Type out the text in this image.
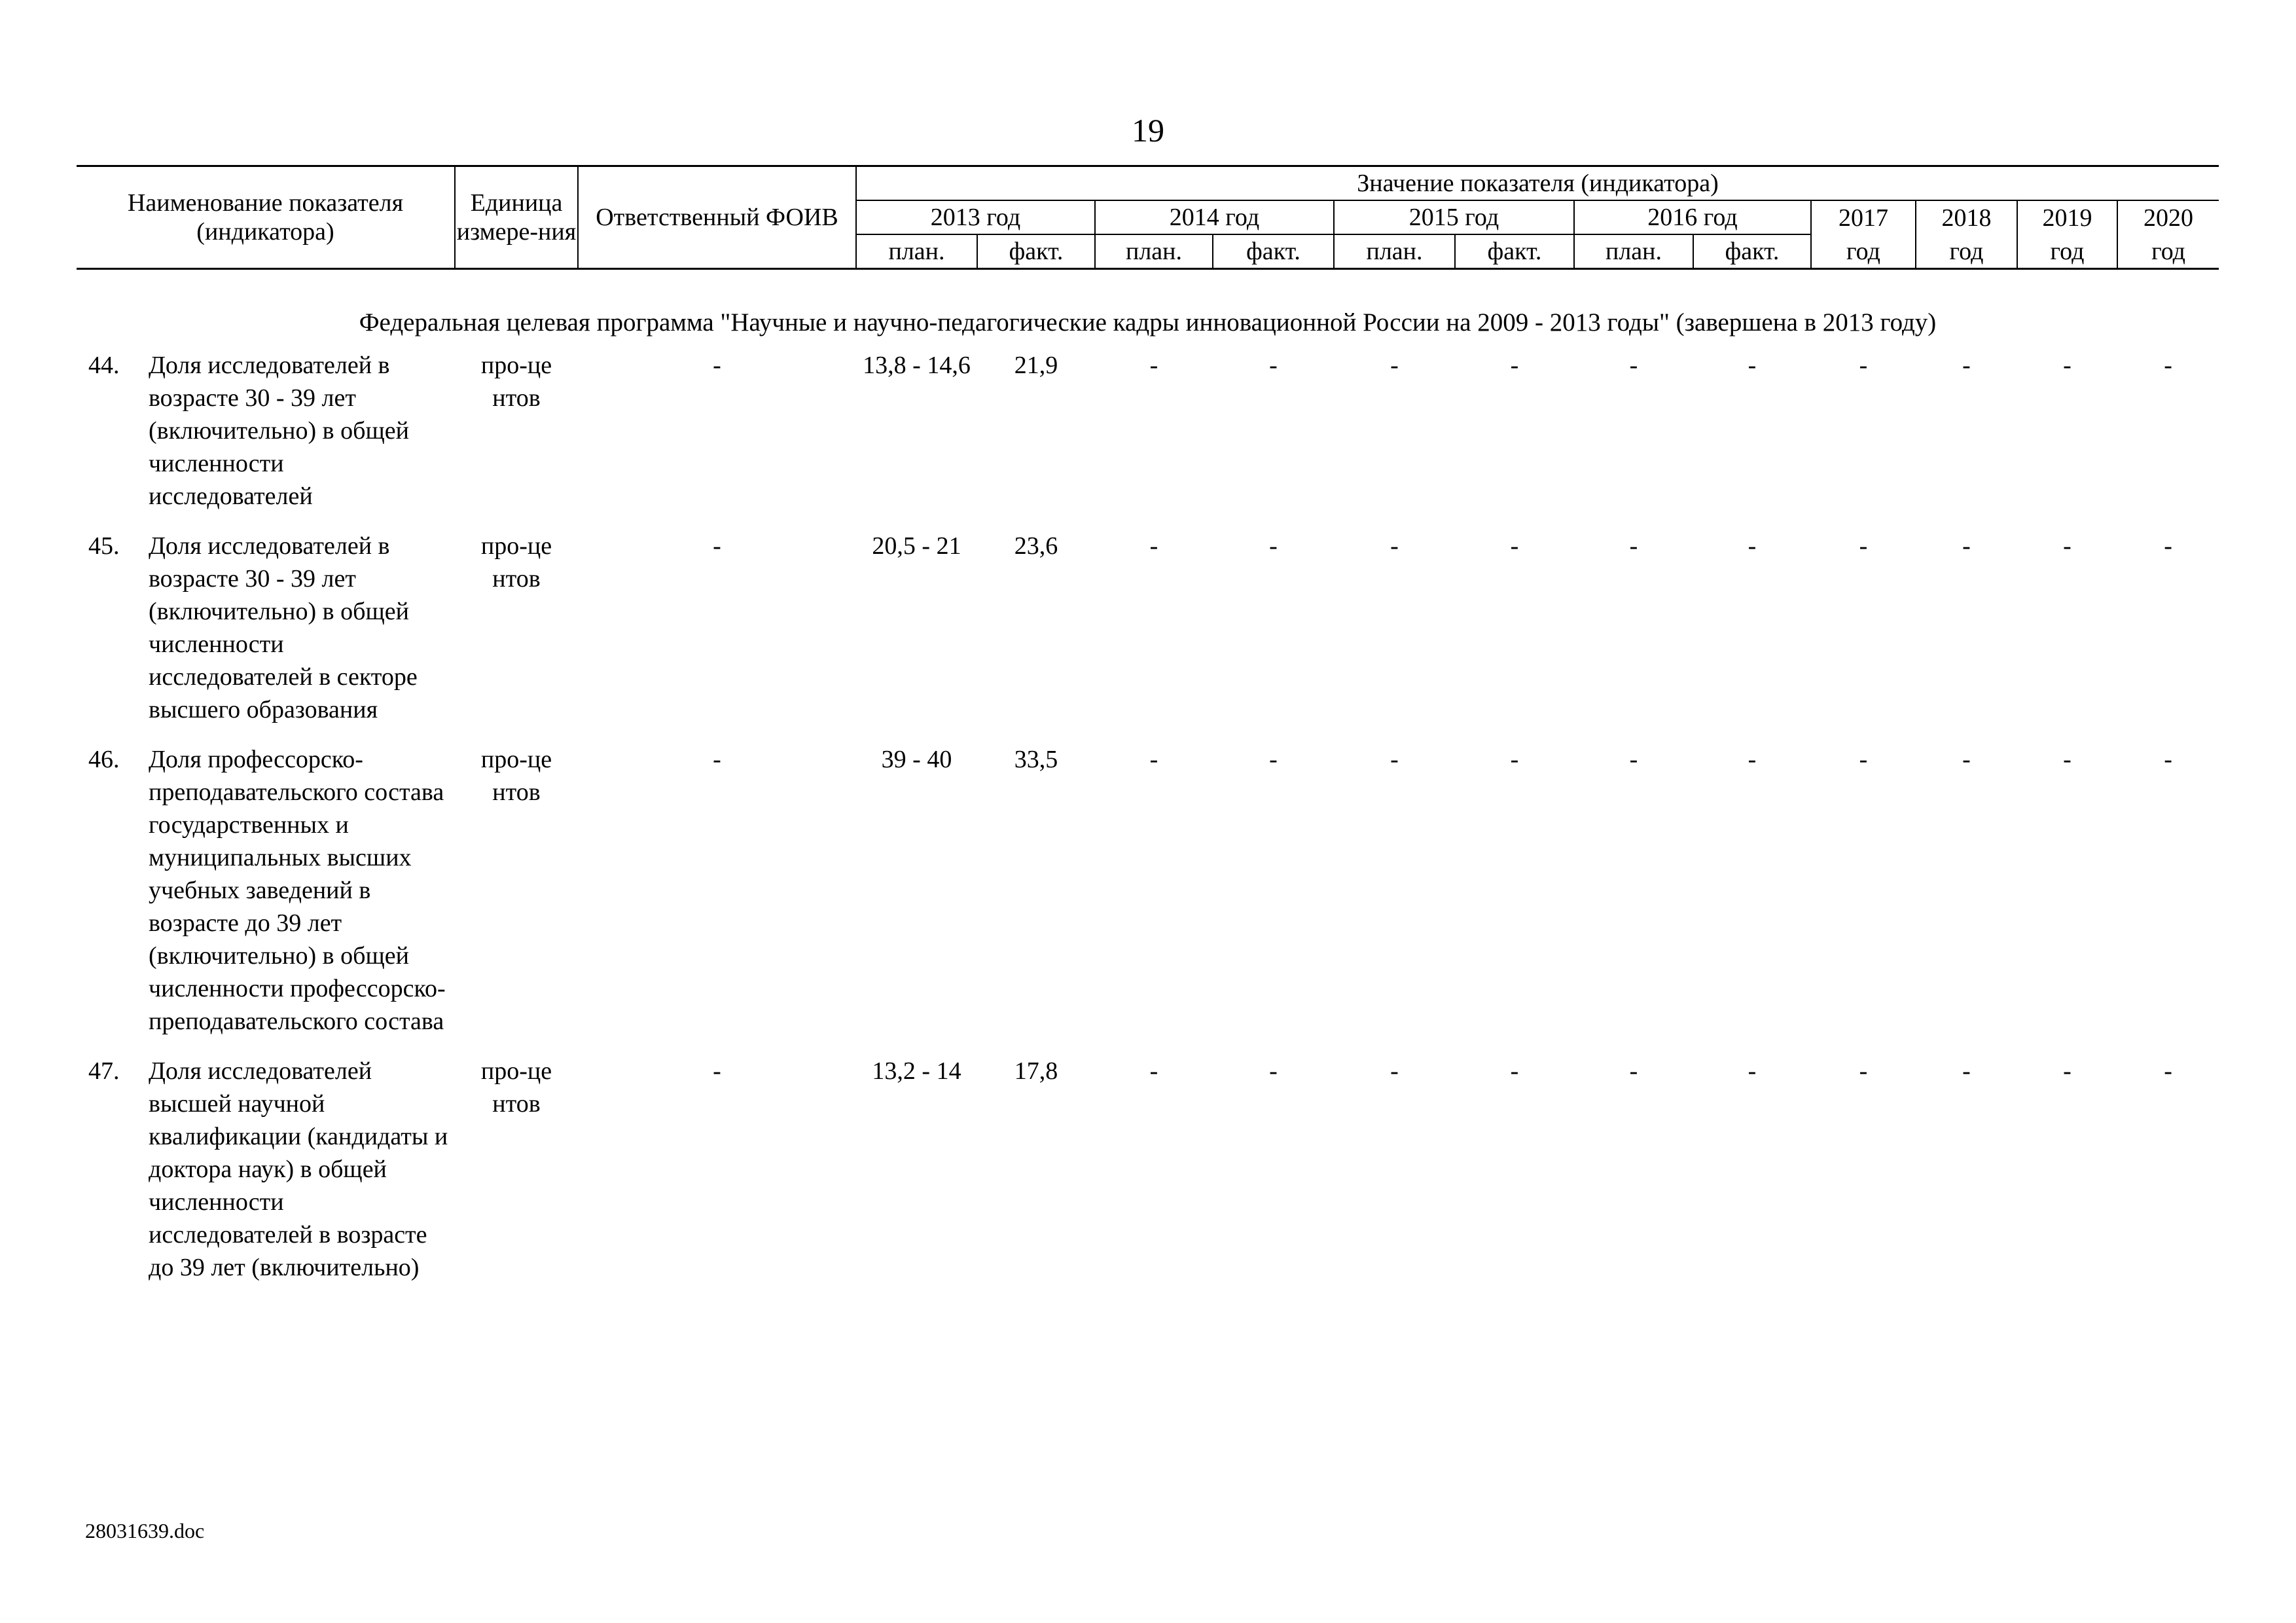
19
Наименование показателя (индикатора)	Единица измере-ния	Ответственный ФОИВ	Значение показателя (индикатора)											
			2013 год		2014 год		2015 год		2016 год		2017	2018	2019	2020
			план.	факт.	план.	факт.	план.	факт.	план.	факт.	год	год	год	год
Федеральная целевая программа "Научные и научно-педагогические кадры инновационной России на 2009 - 2013 годы" (завершена в 2013 году)														

44. Доля исследователей в возрасте 30 - 39 лет (включительно) в общей численности исследователей	про-центов	-	13,8 - 14,6	21,9	-	-	-	-	-	-	-	-	-	-

45. Доля исследователей в возрасте 30 - 39 лет (включительно) в общей численности исследователей в секторе высшего образования	про-центов	-	20,5 - 21	23,6	-	-	-	-	-	-	-	-	-	-

46. Доля профессорско-преподавательского состава государственных и муниципальных высших учебных заведений в возрасте до 39 лет (включительно) в общей численности профессорско-преподавательского состава	про-центов	-	39 - 40	33,5	-	-	-	-	-	-	-	-	-	-

47. Доля исследователей высшей научной квалификации (кандидаты и доктора наук) в общей численности исследователей в возрасте до 39 лет (включительно)	про-центов	-	13,2 - 14	17,8	-	-	-	-	-	-	-	-	-	-
28031639.doc
